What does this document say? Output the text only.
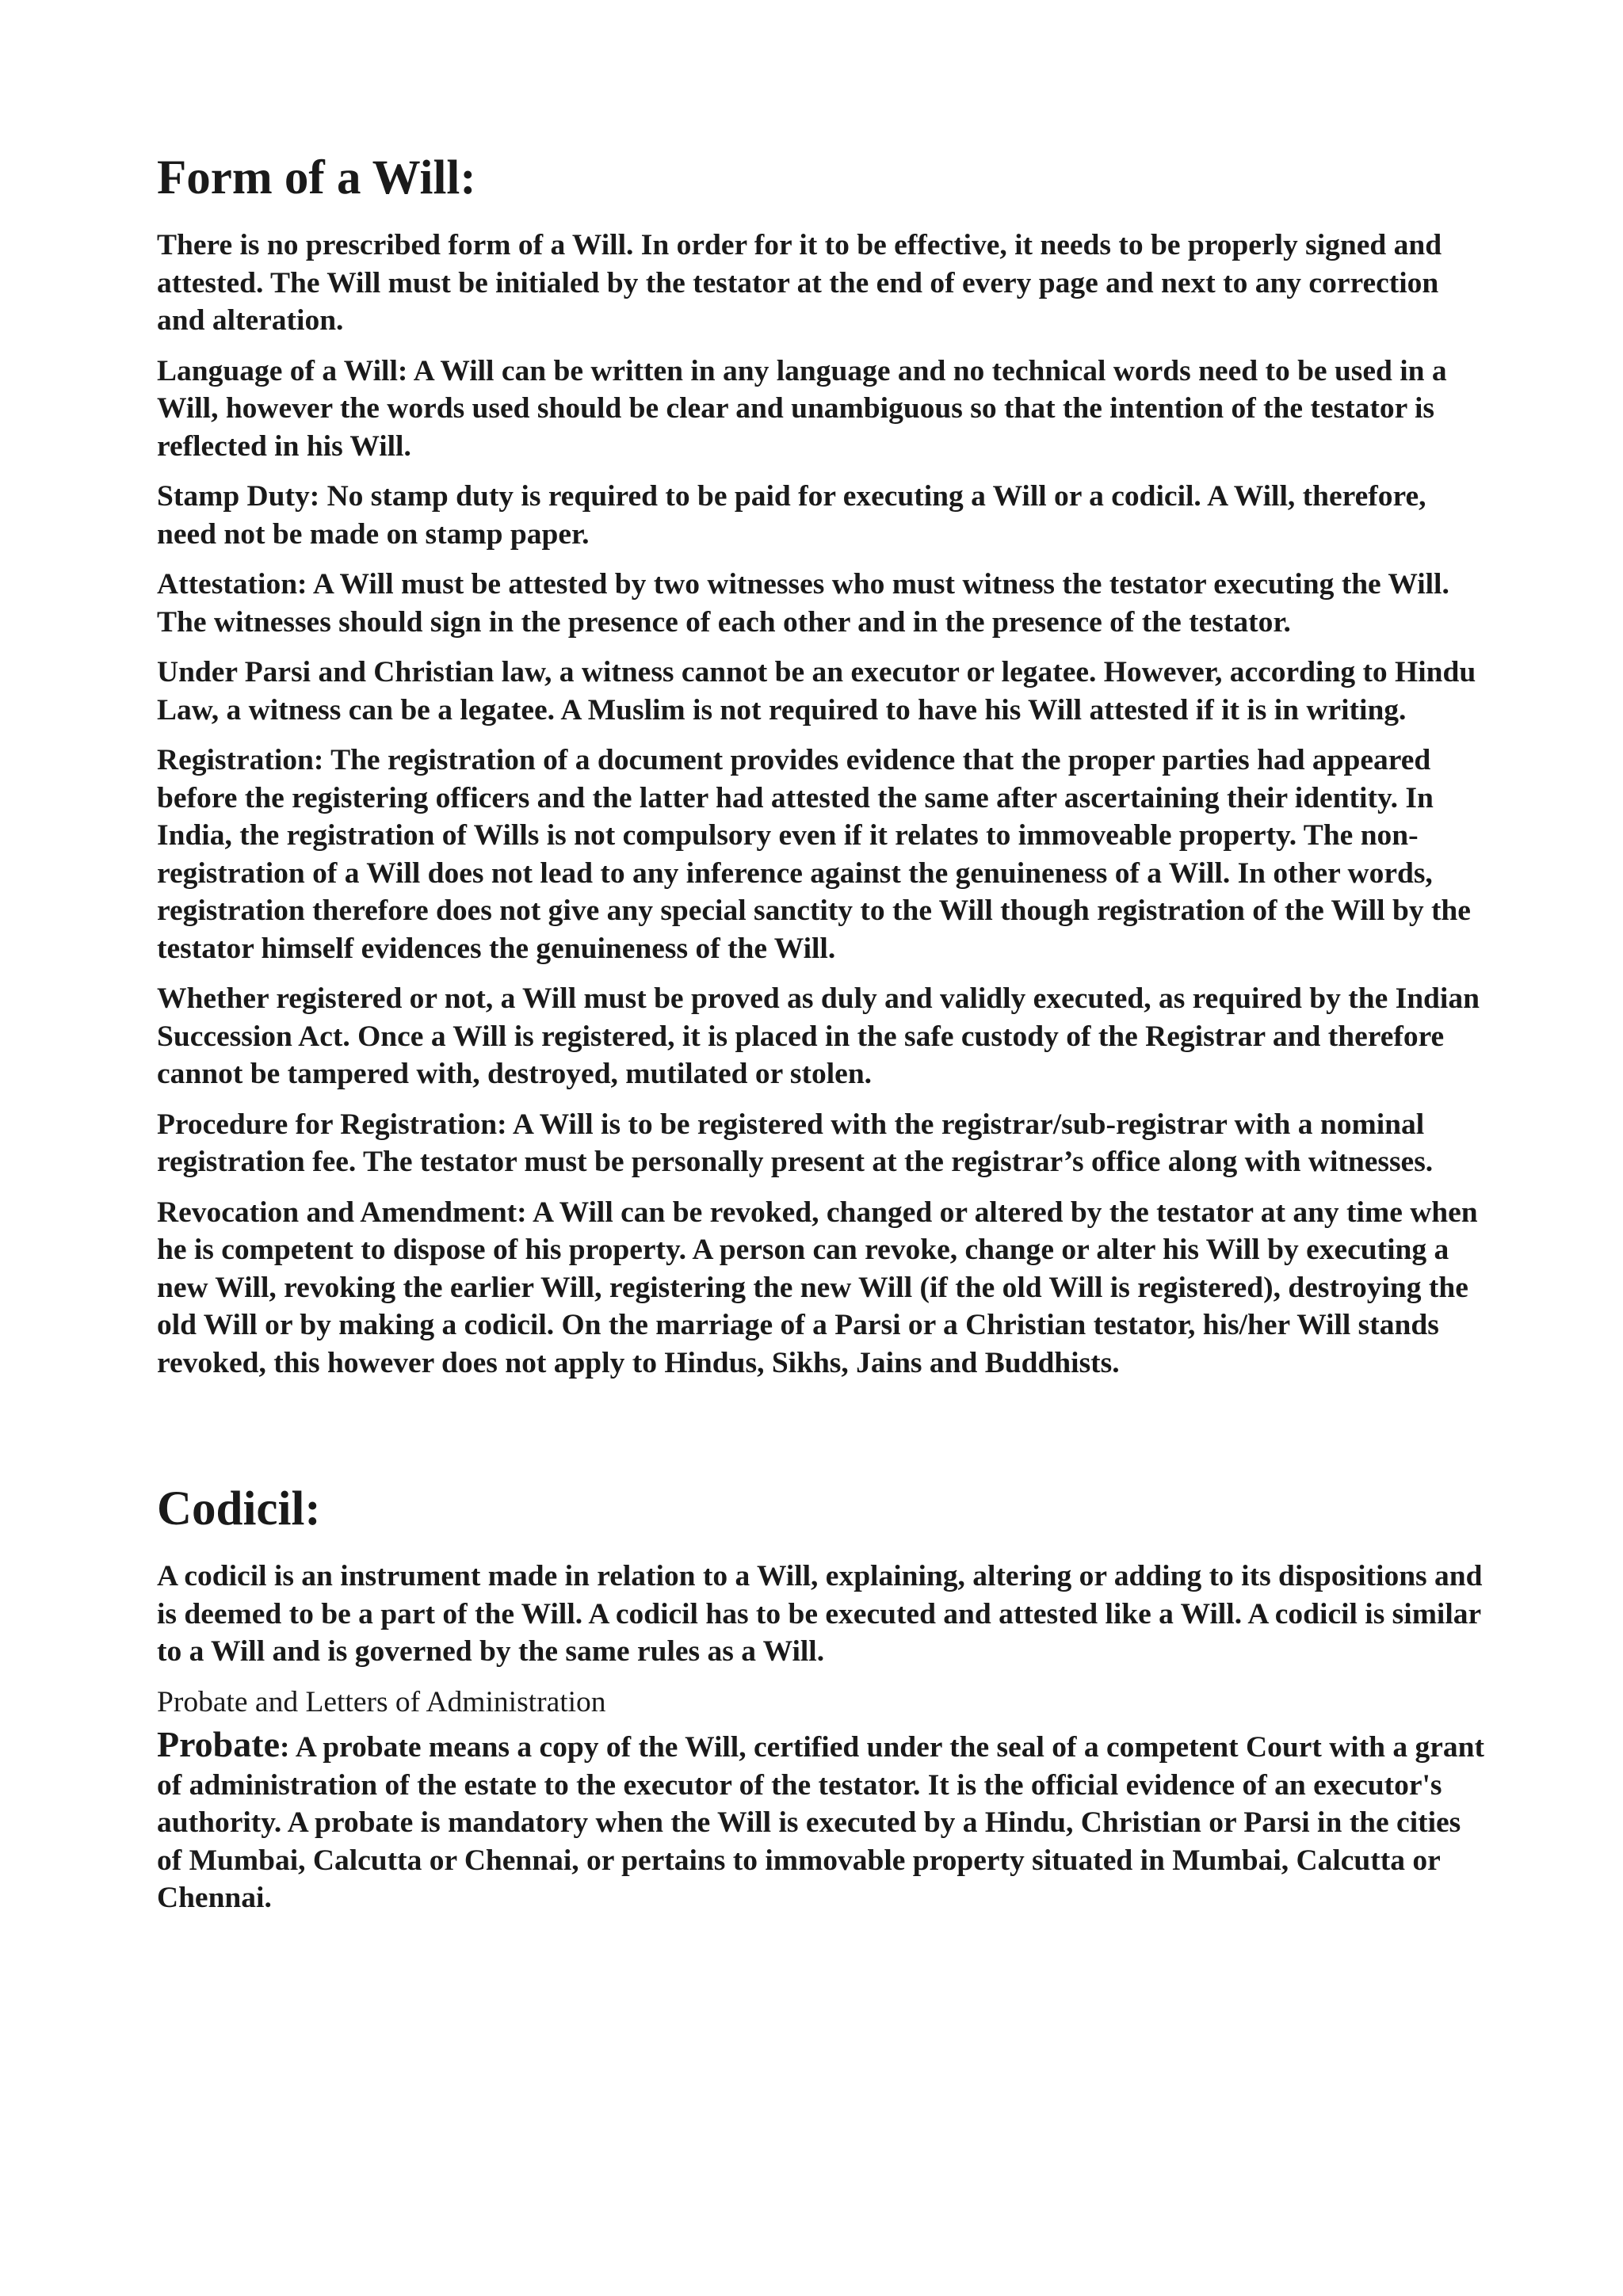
Form of a Will:

There is no prescribed form of a Will. In order for it to be effective, it needs to be properly signed and attested. The Will must be initialed by the testator at the end of every page and next to any correction and alteration.

Language of a Will: A Will can be written in any language and no technical words need to be used in a Will, however the words used should be clear and unambiguous so that the intention of the testator is reflected in his Will.

Stamp Duty: No stamp duty is required to be paid for executing a Will or a codicil. A Will, therefore, need not be made on stamp paper.

Attestation: A Will must be attested by two witnesses who must witness the testator executing the Will. The witnesses should sign in the presence of each other and in the presence of the testator.

Under Parsi and Christian law, a witness cannot be an executor or legatee. However, according to Hindu Law, a witness can be a legatee. A Muslim is not required to have his Will attested if it is in writing.

Registration: The registration of a document provides evidence that the proper parties had appeared before the registering officers and the latter had attested the same after ascertaining their identity. In India, the registration of Wills is not compulsory even if it relates to immoveable property. The non-registration of a Will does not lead to any inference against the genuineness of a Will. In other words, registration therefore does not give any special sanctity to the Will though registration of the Will by the testator himself evidences the genuineness of the Will.

Whether registered or not, a Will must be proved as duly and validly executed, as required by the Indian Succession Act. Once a Will is registered, it is placed in the safe custody of the Registrar and therefore cannot be tampered with, destroyed, mutilated or stolen.

Procedure for Registration: A Will is to be registered with the registrar/sub-registrar with a nominal registration fee. The testator must be personally present at the registrar’s office along with witnesses.

Revocation and Amendment: A Will can be revoked, changed or altered by the testator at any time when he is competent to dispose of his property. A person can revoke, change or alter his Will by executing a new Will, revoking the earlier Will, registering the new Will (if the old Will is registered), destroying the old Will or by making a codicil. On the marriage of a Parsi or a Christian testator, his/her Will stands revoked, this however does not apply to Hindus, Sikhs, Jains and Buddhists.

Codicil:

A codicil is an instrument made in relation to a Will, explaining, altering or adding to its dispositions and is deemed to be a part of the Will. A codicil has to be executed and attested like a Will. A codicil is similar to a Will and is governed by the same rules as a Will.

Probate and Letters of Administration

Probate: A probate means a copy of the Will, certified under the seal of a competent Court with a grant of administration of the estate to the executor of the testator. It is the official evidence of an executor's authority. A probate is mandatory when the Will is executed by a Hindu, Christian or Parsi in the cities of Mumbai, Calcutta or Chennai, or pertains to immovable property situated in Mumbai, Calcutta or Chennai.
